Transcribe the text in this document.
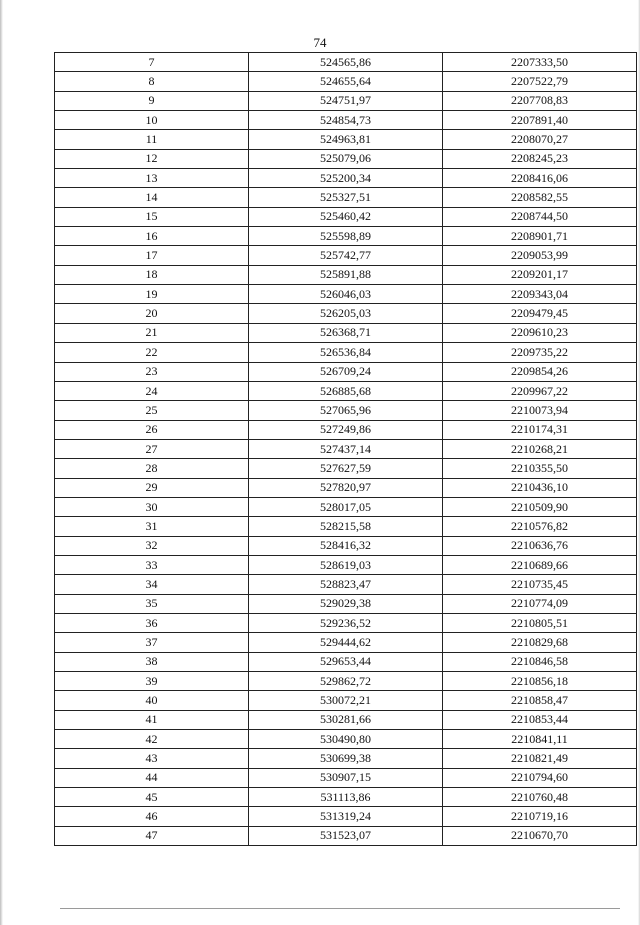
74
7	524565,86	2207333,50
8	524655,64	2207522,79
9	524751,97	2207708,83
10	524854,73	2207891,40
11	524963,81	2208070,27
12	525079,06	2208245,23
13	525200,34	2208416,06
14	525327,51	2208582,55
15	525460,42	2208744,50
16	525598,89	2208901,71
17	525742,77	2209053,99
18	525891,88	2209201,17
19	526046,03	2209343,04
20	526205,03	2209479,45
21	526368,71	2209610,23
22	526536,84	2209735,22
23	526709,24	2209854,26
24	526885,68	2209967,22
25	527065,96	2210073,94
26	527249,86	2210174,31
27	527437,14	2210268,21
28	527627,59	2210355,50
29	527820,97	2210436,10
30	528017,05	2210509,90
31	528215,58	2210576,82
32	528416,32	2210636,76
33	528619,03	2210689,66
34	528823,47	2210735,45
35	529029,38	2210774,09
36	529236,52	2210805,51
37	529444,62	2210829,68
38	529653,44	2210846,58
39	529862,72	2210856,18
40	530072,21	2210858,47
41	530281,66	2210853,44
42	530490,80	2210841,11
43	530699,38	2210821,49
44	530907,15	2210794,60
45	531113,86	2210760,48
46	531319,24	2210719,16
47	531523,07	2210670,70
